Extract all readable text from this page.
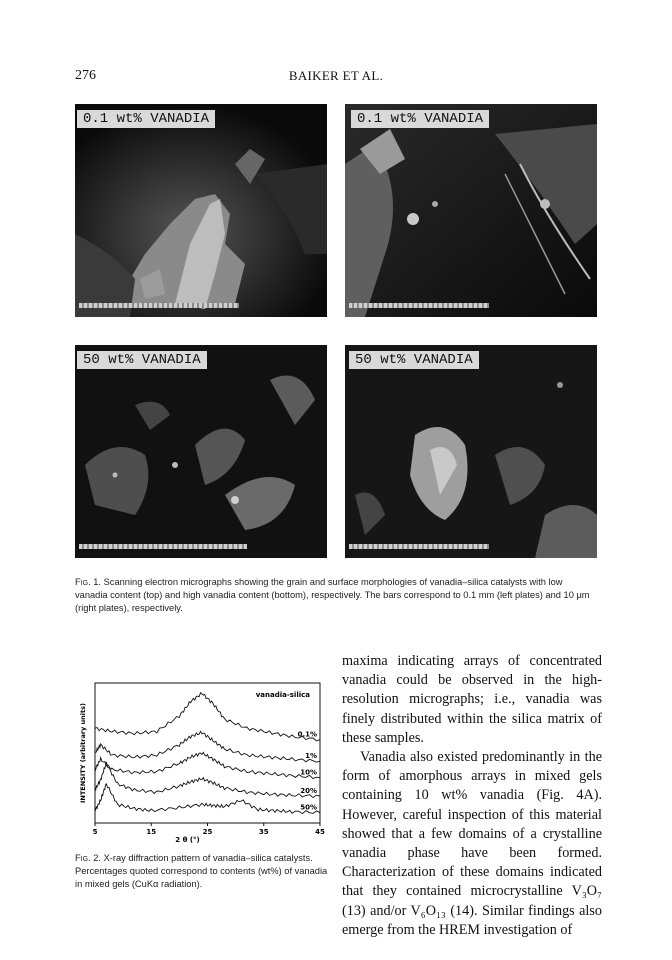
276	BAIKER ET AL.
0.1 wt% VANADIA	0.1 wt% VANADIA
50 wt% VANADIA	50 wt% VANADIA
Fig. 1. Scanning electron micrographs showing the grain and surface morphologies of vanadia–silica catalysts with low vanadia content (top) and high vanadia content (bottom), respectively. The bars correspond to 0.1 mm (left plates) and 10 μm (right plates), respectively.
5	15	25	35	45
2 θ (°)
INTENSITY (arbitrary units)
vanadia-silica
0.1%
1%
10%
20%
50%
Fig. 2. X-ray diffraction pattern of vanadia–silica catalysts. Percentages quoted correspond to contents (wt%) of vanadia in mixed gels (CuKα radiation).

maxima indicating arrays of concentrated vanadia could be observed in the high-resolution micrographs; i.e., vanadia was finely distributed within the silica matrix of these samples.

Vanadia also existed predominantly in the form of amorphous arrays in mixed gels containing 10 wt% vanadia (Fig. 4A). However, careful inspection of this material showed that a few domains of a crystalline vanadia phase have been formed. Characterization of these domains indicated that they contained microcrystalline V₃O₇ (13) and/or V₆O₁₃ (14). Similar findings also emerge from the HREM investigation of
